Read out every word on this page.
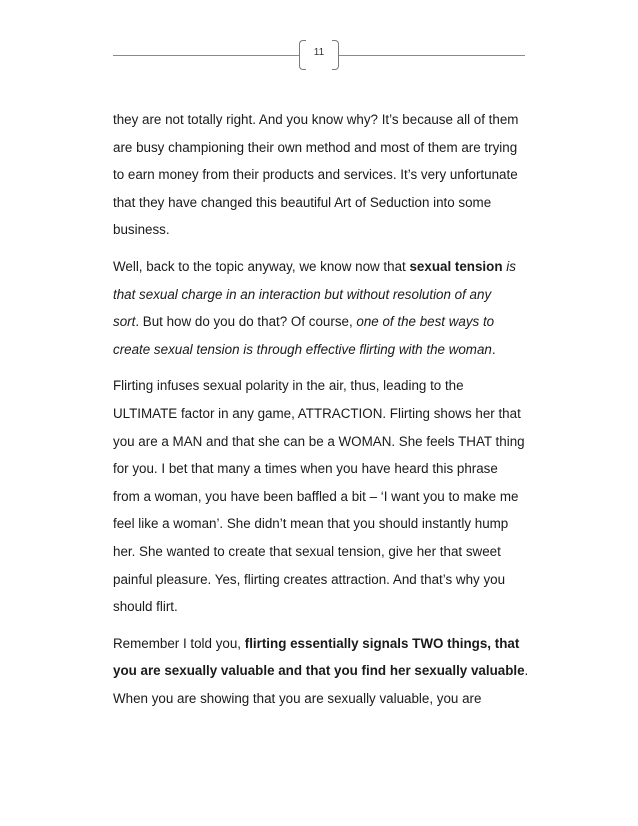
11

they are not totally right. And you know why? It’s because all of them
are busy championing their own method and most of them are trying
to earn money from their products and services. It’s very unfortunate
that they have changed this beautiful Art of Seduction into some
business.

Well, back to the topic anyway, we know now that sexual tension is
that sexual charge in an interaction but without resolution of any
sort. But how do you do that? Of course, one of the best ways to
create sexual tension is through effective flirting with the woman.

Flirting infuses sexual polarity in the air, thus, leading to the
ULTIMATE factor in any game, ATTRACTION. Flirting shows her that
you are a MAN and that she can be a WOMAN. She feels THAT thing
for you. I bet that many a times when you have heard this phrase
from a woman, you have been baffled a bit – ‘I want you to make me
feel like a woman’. She didn’t mean that you should instantly hump
her. She wanted to create that sexual tension, give her that sweet
painful pleasure. Yes, flirting creates attraction. And that’s why you
should flirt.

Remember I told you, flirting essentially signals TWO things, that
you are sexually valuable and that you find her sexually valuable.
When you are showing that you are sexually valuable, you are
